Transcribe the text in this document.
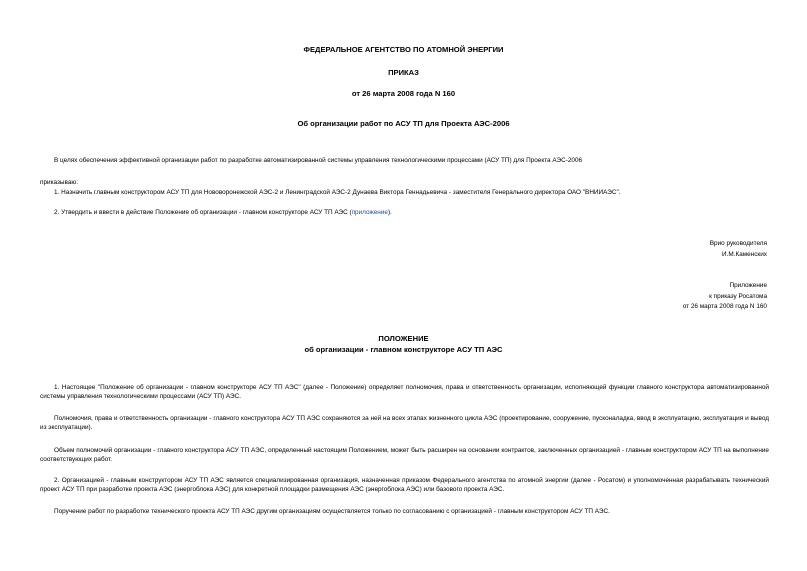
ФЕДЕРАЛЬНОЕ АГЕНТСТВО ПО АТОМНОЙ ЭНЕРГИИ
ПРИКАЗ
от 26 марта 2008 года N 160
Об организации работ по АСУ ТП для Проекта АЭС-2006
В целях обеспечения эффективной организации работ по разработке автоматизированной системы управления технологическими процессами (АСУ ТП) для Проекта АЭС-2006
приказываю:
1. Назначить главным конструктором АСУ ТП для Нововоронежской АЭС-2 и Ленинградской АЭС-2 Дунаева Виктора Геннадьевича - заместителя Генерального директора ОАО "ВНИИАЭС".
2. Утвердить и ввести в действие Положение об организации - главном конструкторе АСУ ТП АЭС (приложение).
Врио руководителя
И.М.Каменских
Приложение
к приказу Росатома
от 26 марта 2008 года N 160
ПОЛОЖЕНИЕ
об организации - главном конструкторе АСУ ТП АЭС
1. Настоящее "Положение об организации - главном конструкторе АСУ ТП АЭС" (далее - Положение) определяет полномочия, права и ответственность организации, исполняющей функции главного конструктора автоматизированной системы управления технологическими процессами (АСУ ТП) АЭС.
Полномочия, права и ответственность организации - главного конструктора АСУ ТП АЭС сохраняются за ней на всех этапах жизненного цикла АЭС (проектирование, сооружение, пусконаладка, ввод в эксплуатацию, эксплуатация и вывод из эксплуатации).
Объем полномочий организации - главного конструктора АСУ ТП АЭС, определенный настоящим Положением, может быть расширен на основании контрактов, заключенных организацией - главным конструктором АСУ ТП на выполнение соответствующих работ.
2. Организацией - главным конструктором АСУ ТП АЭС является специализированная организация, назначенная приказом Федерального агентства по атомной энергии (далее - Росатом) и уполномоченная разрабатывать технический проект АСУ ТП при разработке проекта АЭС (энергоблока АЭС) для конкретной площадки размещения АЭС (энергоблока АЭС) или базового проекта АЭС.
Поручение работ по разработке технического проекта АСУ ТП АЭС другим организациям осуществляется только по согласованию с организацией - главным конструктором АСУ ТП АЭС.
